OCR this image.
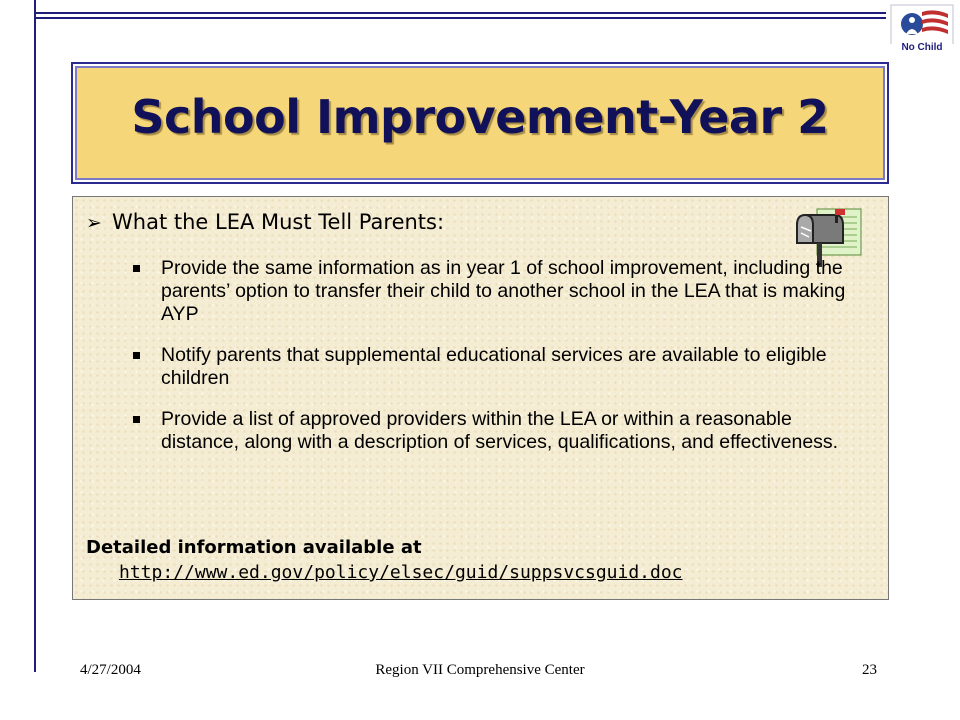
No Child
School Improvement-Year 2
➢ What the LEA Must Tell Parents:
Provide the same information as in year 1 of school improvement, including the parents’ option to transfer their child to another school in the LEA that is making AYP
Notify parents that supplemental educational services are available to eligible children
Provide a list of approved providers within the LEA or within a reasonable distance, along with a description of services, qualifications, and effectiveness.
Detailed information available at
http://www.ed.gov/policy/elsec/guid/suppsvcsguid.doc
4/27/2004	Region VII Comprehensive Center	23
